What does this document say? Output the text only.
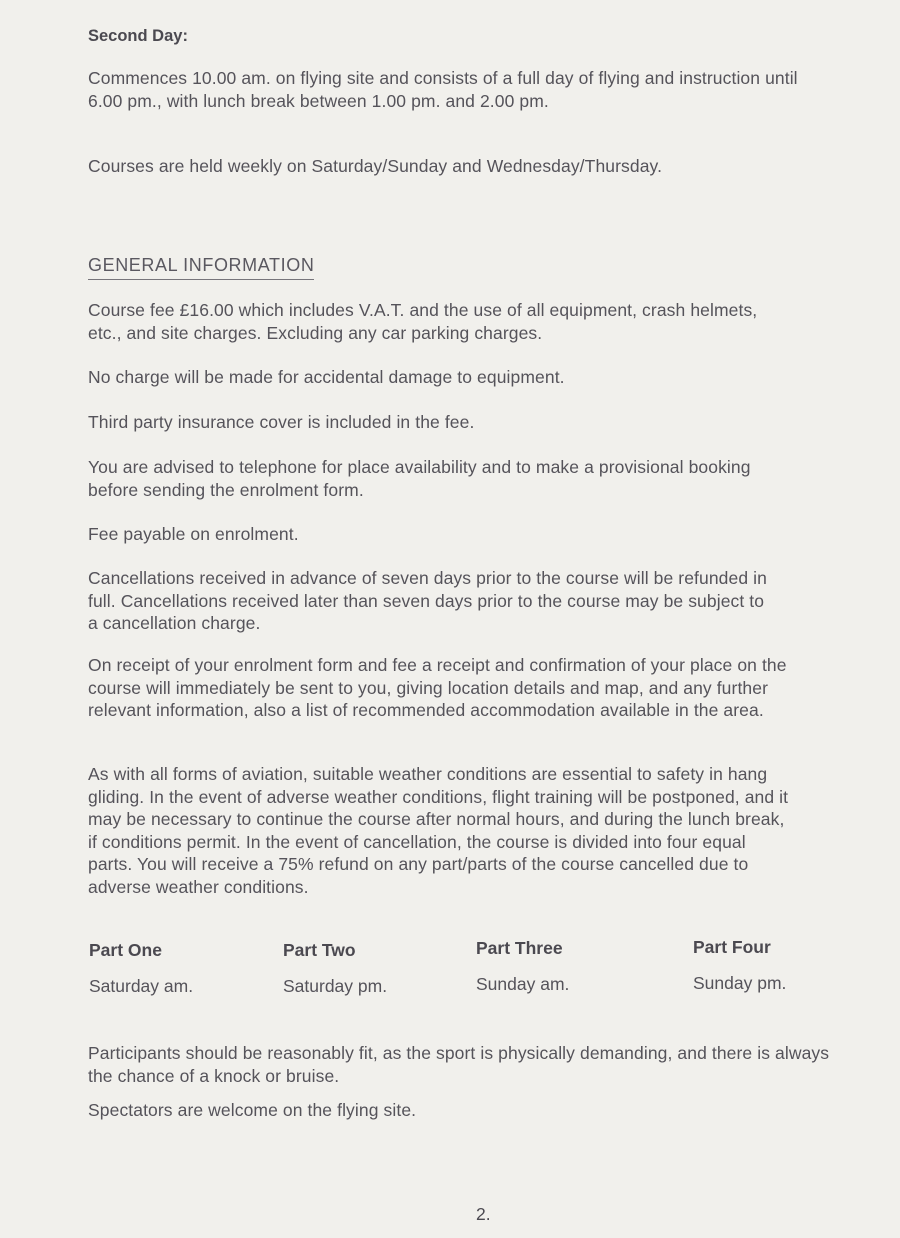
Second Day:

Commences 10.00 am. on flying site and consists of a full day of flying and instruction until 6.00 pm., with lunch break between 1.00 pm. and 2.00 pm.

Courses are held weekly on Saturday/Sunday and Wednesday/Thursday.

GENERAL INFORMATION

Course fee £16.00 which includes V.A.T. and the use of all equipment, crash helmets, etc., and site charges. Excluding any car parking charges.

No charge will be made for accidental damage to equipment.

Third party insurance cover is included in the fee.

You are advised to telephone for place availability and to make a provisional booking before sending the enrolment form.

Fee payable on enrolment.

Cancellations received in advance of seven days prior to the course will be refunded in full. Cancellations received later than seven days prior to the course may be subject to a cancellation charge.

On receipt of your enrolment form and fee a receipt and confirmation of your place on the course will immediately be sent to you, giving location details and map, and any further relevant information, also a list of recommended accommodation available in the area.

As with all forms of aviation, suitable weather conditions are essential to safety in hang gliding. In the event of adverse weather conditions, flight training will be postponed, and it may be necessary to continue the course after normal hours, and during the lunch break, if conditions permit. In the event of cancellation, the course is divided into four equal parts. You will receive a 75% refund on any part/parts of the course cancelled due to adverse weather conditions.

Part One
Saturday am.
Part Two
Saturday pm.
Part Three
Sunday am.
Part Four
Sunday pm.

Participants should be reasonably fit, as the sport is physically demanding, and there is always the chance of a knock or bruise.

Spectators are welcome on the flying site.

2.
